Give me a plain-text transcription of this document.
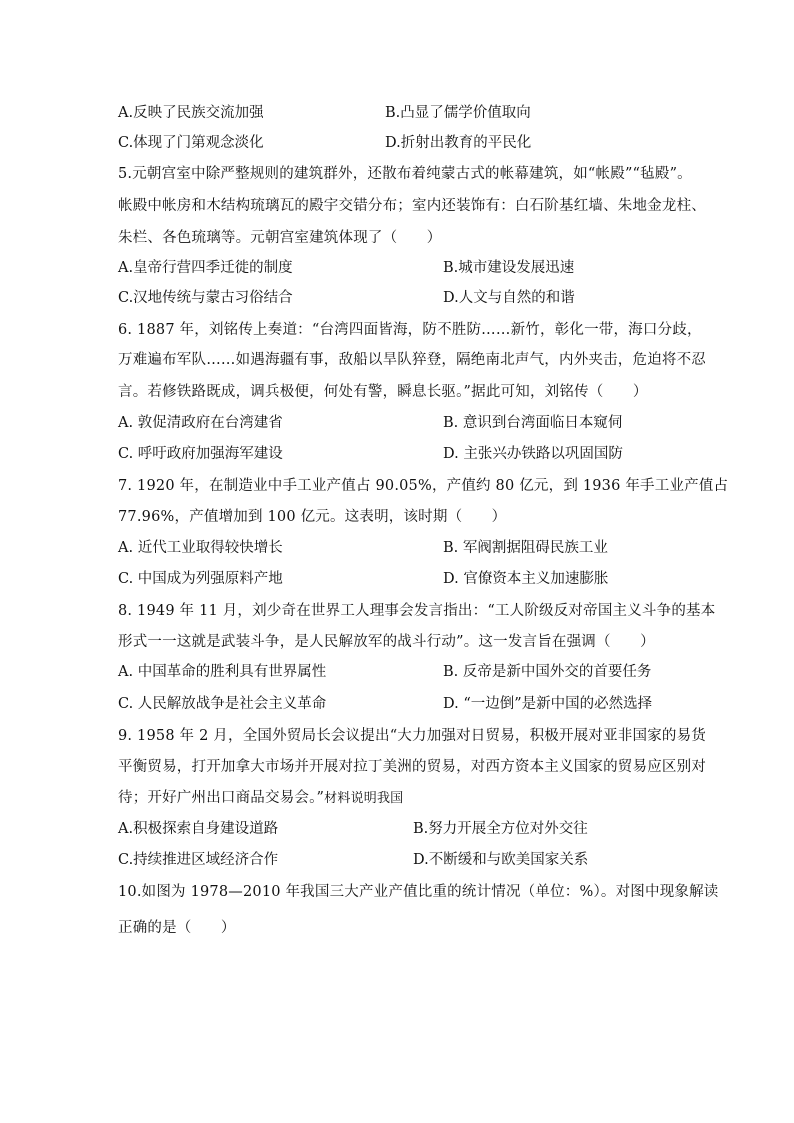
A.反映了民族交流加强	B.凸显了儒学价值取向
C.体现了门第观念淡化	D.折射出教育的平民化
5.元朝宫室中除严整规则的建筑群外，还散布着纯蒙古式的帐幕建筑，如“帐殿”“毡殿”。
帐殿中帐房和木结构琉璃瓦的殿宇交错分布；室内还装饰有：白石阶基红墙、朱地金龙柱、
朱栏、各色琉璃等。元朝宫室建筑体现了（　　）
A.皇帝行营四季迁徙的制度	B.城市建设发展迅速
C.汉地传统与蒙古习俗结合	D.人文与自然的和谐
6. 1887 年，刘铭传上奏道：“台湾四面皆海，防不胜防……新竹，彰化一带，海口分歧，
万难遍布军队……如遇海疆有事，敌船以旱队猝登，隔绝南北声气，内外夹击，危迫将不忍
言。若修铁路既成，调兵极便，何处有警，瞬息长驱。”据此可知，刘铭传（　　）
A. 敦促清政府在台湾建省	B. 意识到台湾面临日本窥伺
C. 呼吁政府加强海军建设	D. 主张兴办铁路以巩固国防
7. 1920 年，在制造业中手工业产值占 90.05%，产值约 80 亿元，到 1936 年手工业产值占
77.96%，产值增加到 100 亿元。这表明，该时期（　　）
A. 近代工业取得较快增长	B. 军阀割据阻碍民族工业
C. 中国成为列强原料产地	D. 官僚资本主义加速膨胀
8. 1949 年 11 月，刘少奇在世界工人理事会发言指出：“工人阶级反对帝国主义斗争的基本
形式一一这就是武装斗争，是人民解放军的战斗行动”。这一发言旨在强调（　　）
A. 中国革命的胜利具有世界属性	B. 反帝是新中国外交的首要任务
C. 人民解放战争是社会主义革命	D. “一边倒”是新中国的必然选择
9. 1958 年 2 月，全国外贸局长会议提出“大力加强对日贸易，积极开展对亚非国家的易货
平衡贸易，打开加拿大市场并开展对拉丁美洲的贸易，对西方资本主义国家的贸易应区别对
待；开好广州出口商品交易会。”材料说明我国
A.积极探索自身建设道路	B.努力开展全方位对外交往
C.持续推进区域经济合作	D.不断缓和与欧美国家关系
10.如图为 1978—2010 年我国三大产业产值比重的统计情况（单位：%）。对图中现象解读
正确的是（　　）
